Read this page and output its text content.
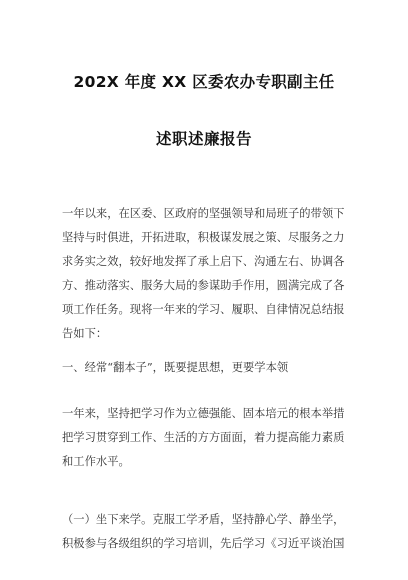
202X 年度 XX 区委农办专职副主任
述职述廉报告
一年以来，在区委、区政府的坚强领导和局班子的带领下
坚持与时俱进，开拓进取，积极谋发展之策、尽服务之力
求务实之效，较好地发挥了承上启下、沟通左右、协调各
方、推动落实、服务大局的参谋助手作用，圆满完成了各
项工作任务。现将一年来的学习、履职、自律情况总结报
告如下：
一、经常“翻本子”，既要提思想，更要学本领
一年来，坚持把学习作为立德强能、固本培元的根本举措
把学习贯穿到工作、生活的方方面面，着力提高能力素质
和工作水平。
（一）坐下来学。克服工学矛盾，坚持静心学、静坐学，
积极参与各级组织的学习培训，先后学习《习近平谈治国
